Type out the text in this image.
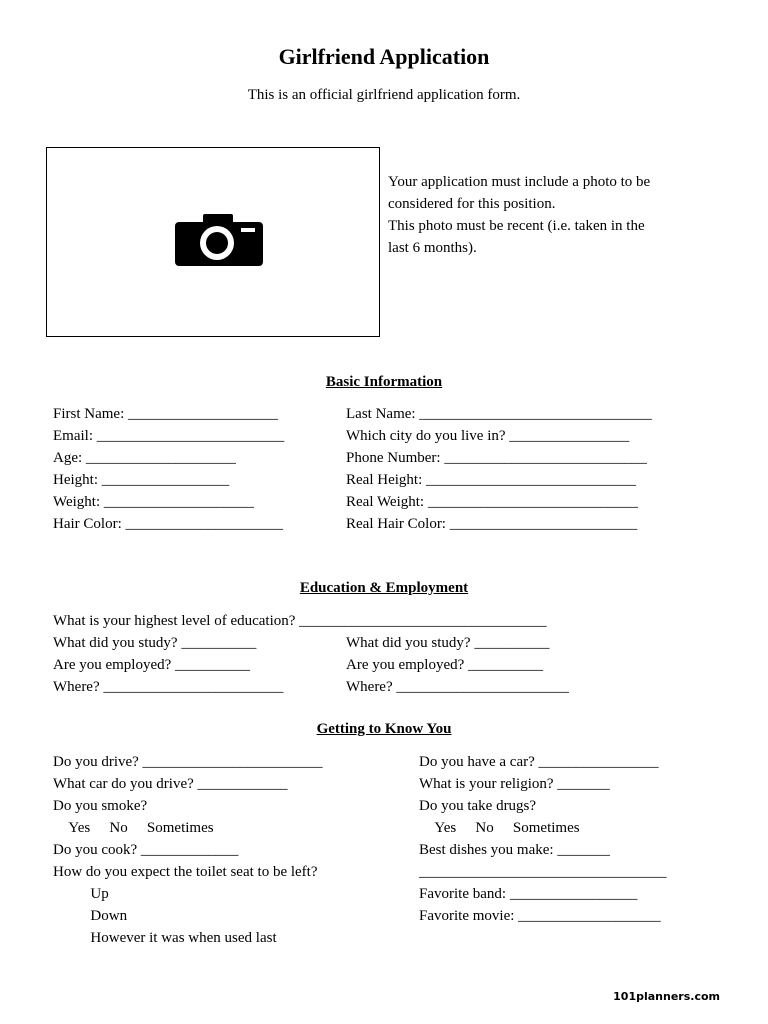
Girlfriend Application
This is an official girlfriend application form.
Your application must include a photo to be
considered for this position.
This photo must be recent (i.e. taken in the
last 6 months).
Basic Information
First Name: ____________________
Email: _________________________
Age: ____________________
Height: _________________
Weight: ____________________
Hair Color: _____________________
Last Name: _______________________________
Which city do you live in? ________________
Phone Number: ___________________________
Real Height: ____________________________
Real Weight: ____________________________
Real Hair Color: _________________________
Education & Employment
What is your highest level of education? _________________________________
What did you study? __________
Are you employed? __________
Where? ________________________
What did you study? __________
Are you employed? __________
Where? _______________________
Getting to Know You
Do you drive? ________________________
What car do you drive? ____________
Do you smoke?
Yes No Sometimes
Do you cook? _____________
How do you expect the toilet seat to be left?
Up
Down
However it was when used last
Do you have a car? ________________
What is your religion? _______
Do you take drugs?
Yes No Sometimes
Best dishes you make: _______
_________________________________
Favorite band: _________________
Favorite movie: ___________________
101planners.com
